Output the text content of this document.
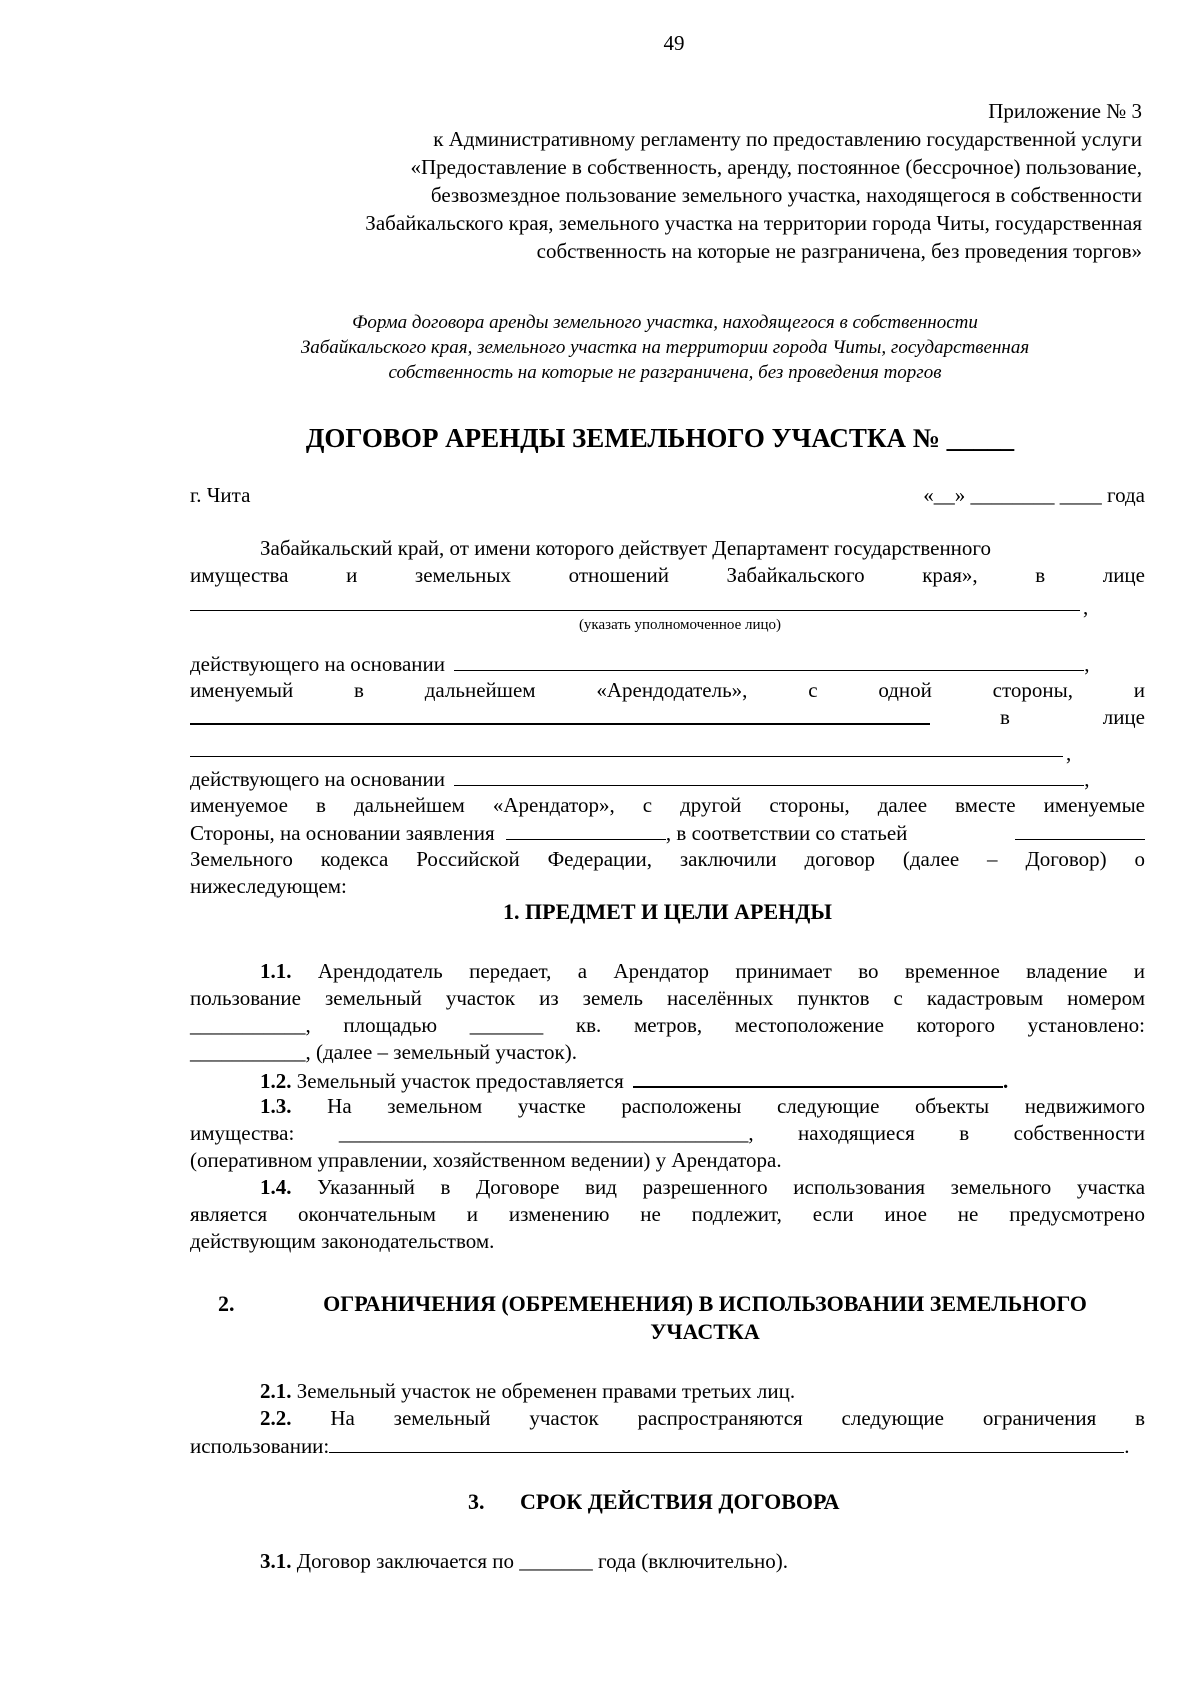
49
Приложение № 3
к Административному регламенту по предоставлению государственной услуги
«Предоставление в собственность, аренду, постоянное (бессрочное) пользование,
безвозмездное пользование земельного участка, находящегося в собственности
Забайкальского края, земельного участка на территории города Читы, государственная
собственность на которые не разграничена, без проведения торгов»
Форма договора аренды земельного участка, находящегося в собственности
Забайкальского края, земельного участка на территории города Читы, государственная
собственность на которые не разграничена, без проведения торгов
ДОГОВОР АРЕНДЫ ЗЕМЕЛЬНОГО УЧАСТКА № _____
г. Чита	«__» ________ ____ года
Забайкальский край, от имени которого действует Департамент государственного
имущества и земельных отношений Забайкальского края», в лице
,
(указать уполномоченное лицо)
действующего на основании	,
именуемый в дальнейшем «Арендодатель», с одной стороны, и
в лице
,
действующего на основании	,
именуемое в дальнейшем «Арендатор», с другой стороны, далее вместе именуемые
Стороны, на основании заявления	, в соответствии со статьей
Земельного кодекса Российской Федерации, заключили договор (далее – Договор) о
нижеследующем:
1. ПРЕДМЕТ И ЦЕЛИ АРЕНДЫ
1.1. Арендодатель передает, а Арендатор принимает во временное владение и
пользование земельный участок из земель населённых пунктов с кадастровым номером
___________, площадью _______ кв. метров, местоположение которого установлено:
___________, (далее – земельный участок).
1.2. Земельный участок предоставляется	.
1.3. На земельном участке расположены следующие объекты недвижимого
имущества: _______________________________________, находящиеся в собственности
(оперативном управлении, хозяйственном ведении) у Арендатора.
1.4. Указанный в Договоре вид разрешенного использования земельного участка
является окончательным и изменению не подлежит, если иное не предусмотрено
действующим законодательством.
2.	ОГРАНИЧЕНИЯ (ОБРЕМЕНЕНИЯ) В ИСПОЛЬЗОВАНИИ ЗЕМЕЛЬНОГО
УЧАСТКА
2.1. Земельный участок не обременен правами третьих лиц.
2.2. На земельный участок распространяются следующие ограничения в
использовании:	.
3. СРОК ДЕЙСТВИЯ ДОГОВОРА
3.1. Договор заключается по _______ года (включительно).
